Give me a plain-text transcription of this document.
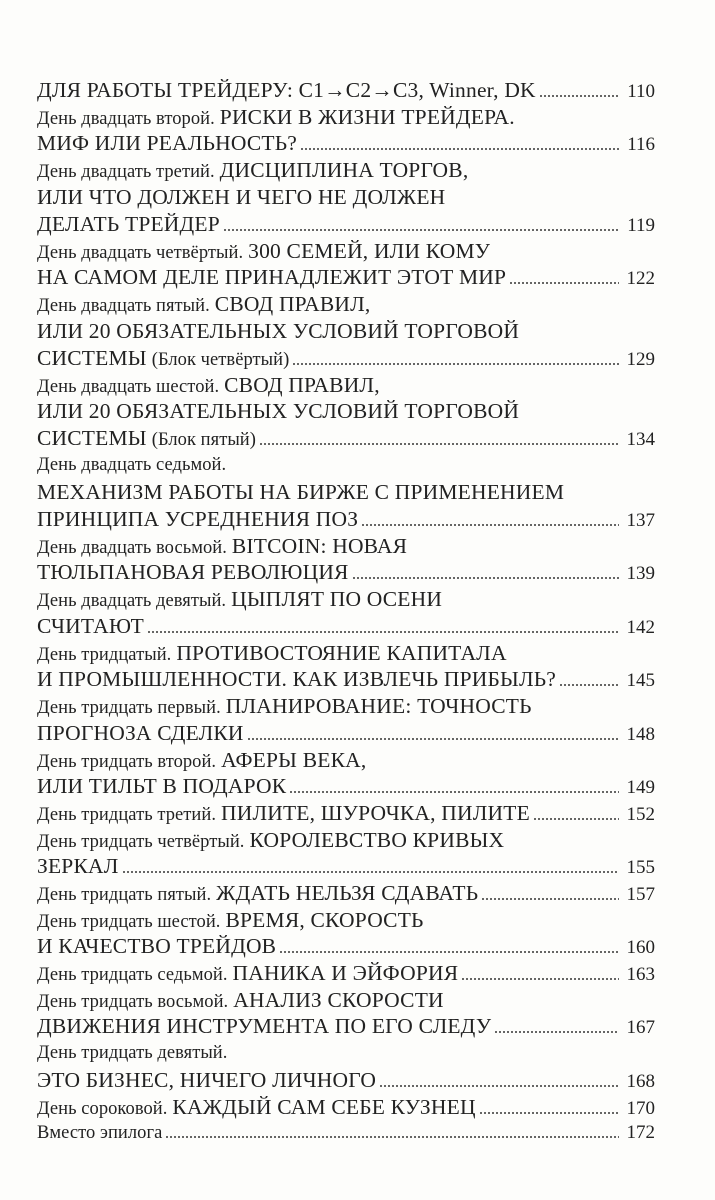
ДЛЯ РАБОТЫ ТРЕЙДЕРУ: C1→C2→C3, Winner, DK	110
День двадцать второй. РИСКИ В ЖИЗНИ ТРЕЙДЕРА.
МИФ ИЛИ РЕАЛЬНОСТЬ?	116
День двадцать третий. ДИСЦИПЛИНА ТОРГОВ,
ИЛИ ЧТО ДОЛЖЕН И ЧЕГО НЕ ДОЛЖЕН
ДЕЛАТЬ ТРЕЙДЕР	119
День двадцать четвёртый. 300 СЕМЕЙ, ИЛИ КОМУ
НА САМОМ ДЕЛЕ ПРИНАДЛЕЖИТ ЭТОТ МИР	122
День двадцать пятый. СВОД ПРАВИЛ,
ИЛИ 20 ОБЯЗАТЕЛЬНЫХ УСЛОВИЙ ТОРГОВОЙ
СИСТЕМЫ (Блок четвёртый)	129
День двадцать шестой. СВОД ПРАВИЛ,
ИЛИ 20 ОБЯЗАТЕЛЬНЫХ УСЛОВИЙ ТОРГОВОЙ
СИСТЕМЫ (Блок пятый)	134
День двадцать седьмой.
МЕХАНИЗМ РАБОТЫ НА БИРЖЕ С ПРИМЕНЕНИЕМ
ПРИНЦИПА УСРЕДНЕНИЯ ПОЗ	137
День двадцать восьмой. BITCOIN: НОВАЯ
ТЮЛЬПАНОВАЯ РЕВОЛЮЦИЯ	139
День двадцать девятый. ЦЫПЛЯТ ПО ОСЕНИ
СЧИТАЮТ	142
День тридцатый. ПРОТИВОСТОЯНИЕ КАПИТАЛА
И ПРОМЫШЛЕННОСТИ. КАК ИЗВЛЕЧЬ ПРИБЫЛЬ?	145
День тридцать первый. ПЛАНИРОВАНИЕ: ТОЧНОСТЬ
ПРОГНОЗА СДЕЛКИ	148
День тридцать второй. АФЕРЫ ВЕКА,
ИЛИ ТИЛЬТ В ПОДАРОК	149
День тридцать третий. ПИЛИТЕ, ШУРОЧКА, ПИЛИТЕ	152
День тридцать четвёртый. КОРОЛЕВСТВО КРИВЫХ
ЗЕРКАЛ	155
День тридцать пятый. ЖДАТЬ НЕЛЬЗЯ СДАВАТЬ	157
День тридцать шестой. ВРЕМЯ, СКОРОСТЬ
И КАЧЕСТВО ТРЕЙДОВ	160
День тридцать седьмой. ПАНИКА И ЭЙФОРИЯ	163
День тридцать восьмой. АНАЛИЗ СКОРОСТИ
ДВИЖЕНИЯ ИНСТРУМЕНТА ПО ЕГО СЛЕДУ	167
День тридцать девятый.
ЭТО БИЗНЕС, НИЧЕГО ЛИЧНОГО	168
День сороковой. КАЖДЫЙ САМ СЕБЕ КУЗНЕЦ	170
Вместо эпилога	172
